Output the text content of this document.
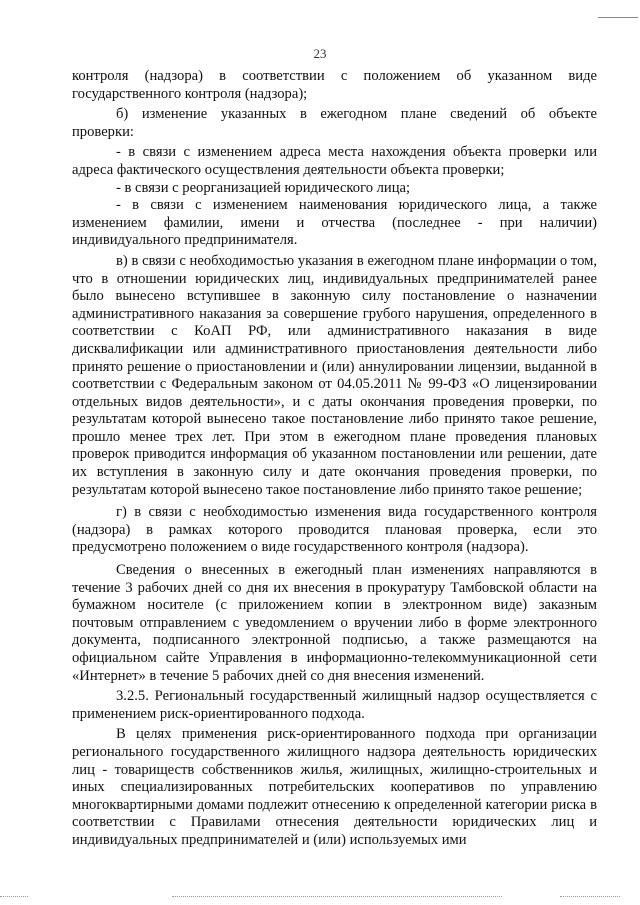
23

контроля (надзора) в соответствии с положением об указанном виде

государственного контроля (надзора);

б) изменение указанных в ежегодном плане сведений об объекте

проверки:

- в связи с изменением адреса места нахождения объекта проверки или адреса фактического осуществления деятельности объекта проверки;

- в связи с реорганизацией юридического лица;

- в связи с изменением наименования юридического лица, а также изменением фамилии, имени и отчества (последнее - при наличии) индивидуального предпринимателя.

в) в связи с необходимостью указания в ежегодном плане информации о том, что в отношении юридических лиц, индивидуальных предпринимателей ранее было вынесено вступившее в законную силу постановление о назначении административного наказания за совершение грубого нарушения, определенного в соответствии с КоАП РФ, или административного наказания в виде дисквалификации или административного приостановления деятельности либо принято решение о приостановлении и (или) аннулировании лицензии, выданной в соответствии с Федеральным законом от 04.05.2011 № 99-ФЗ «О лицензировании отдельных видов деятельности», и с даты окончания проведения проверки, по результатам которой вынесено такое постановление либо принято такое решение, прошло менее трех лет. При этом в ежегодном плане проведения плановых проверок приводится информация об указанном постановлении или решении, дате их вступления в законную силу и дате окончания проведения проверки, по результатам которой вынесено такое постановление либо принято такое решение;

г) в связи с необходимостью изменения вида государственного контроля (надзора) в рамках которого проводится плановая проверка, если это предусмотрено положением о виде государственного контроля (надзора).

Сведения о внесенных в ежегодный план изменениях направляются в течение 3 рабочих дней со дня их внесения в прокуратуру Тамбовской области на бумажном носителе (с приложением копии в электронном виде) заказным почтовым отправлением с уведомлением о вручении либо в форме электронного документа, подписанного электронной подписью, а также размещаются на официальном сайте Управления в информационно-телекоммуникационной сети «Интернет» в течение 5 рабочих дней со дня внесения изменений.

3.2.5. Региональный государственный жилищный надзор осуществляется с применением риск-ориентированного подхода.

В целях применения риск-ориентированного подхода при организации регионального государственного жилищного надзора деятельность юридических лиц - товариществ собственников жилья, жилищных, жилищно-строительных и иных специализированных потребительских кооперативов по управлению многоквартирными домами подлежит отнесению к определенной категории риска в соответствии с Правилами отнесения деятельности юридических лиц и индивидуальных предпринимателей и (или) используемых ими
